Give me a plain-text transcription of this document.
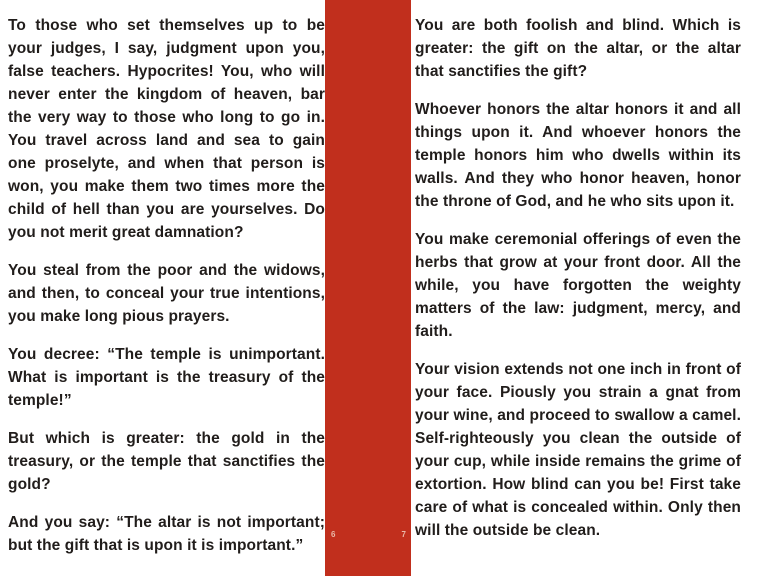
To those who set themselves up to be your judges, I say, judgment upon you, false teachers. Hypocrites! You, who will never enter the kingdom of heaven, bar the very way to those who long to go in. You travel across land and sea to gain one proselyte, and when that person is won, you make them two times more the child of hell than you are yourselves. Do you not merit great damnation?

You steal from the poor and the widows, and then, to conceal your true intentions, you make long pious prayers.

You decree: “The temple is unimportant. What is important is the treasury of the temple!”

But which is greater: the gold in the treasury, or the temple that sanctifies the gold?

And you say: “The altar is not important; but the gift that is upon it is important.”

6	7

You are both foolish and blind. Which is greater: the gift on the altar, or the altar that sanctifies the gift?

Whoever honors the altar honors it and all things upon it. And whoever honors the temple honors him who dwells within its walls. And they who honor heaven, honor the throne of God, and he who sits upon it.

You make ceremonial offerings of even the herbs that grow at your front door. All the while, you have forgotten the weighty matters of the law: judgment, mercy, and faith.

Your vision extends not one inch in front of your face. Piously you strain a gnat from your wine, and proceed to swallow a camel. Self-righteously you clean the outside of your cup, while inside remains the grime of extortion. How blind can you be! First take care of what is concealed within. Only then will the outside be clean.
